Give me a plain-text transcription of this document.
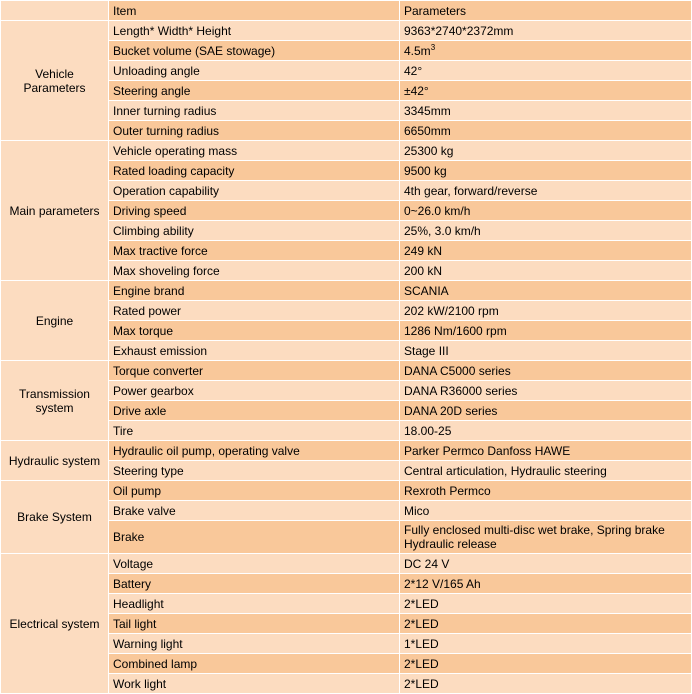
	Item	Parameters
Vehicle Parameters	Length* Width* Height	9363*2740*2372mm
	Bucket volume (SAE stowage)	$4.5m^3$
	Unloading angle	42°
	Steering angle	±42°
	Inner turning radius	3345mm
	Outer turning radius	6650mm
Main parameters	Vehicle operating mass	25300 kg
	Rated loading capacity	9500 kg
	Operation capability	4th gear, forward/reverse
	Driving speed	0~26.0 km/h
	Climbing ability	25%, 3.0 km/h
	Max tractive force	249 kN
	Max shoveling force	200 kN
Engine	Engine brand	SCANIA
	Rated power	202 kW/2100 rpm
	Max torque	1286 Nm/1600 rpm
	Exhaust emission	Stage III
Transmission system	Torque converter	DANA C5000 series
	Power gearbox	DANA R36000 series
	Drive axle	DANA 20D series
	Tire	18.00-25
Hydraulic system	Hydraulic oil pump, operating valve	Parker Permco Danfoss HAWE
	Steering type	Central articulation, Hydraulic steering
Brake System	Oil pump	Rexroth Permco
	Brake valve	Mico
	Brake	Fully enclosed multi-disc wet brake, Spring brake
Hydraulic release
Electrical system	Voltage	DC 24 V
	Battery	2*12 V/165 Ah
	Headlight	2*LED
	Tail light	2*LED
	Warning light	1*LED
	Combined lamp	2*LED
	Work light	2*LED
